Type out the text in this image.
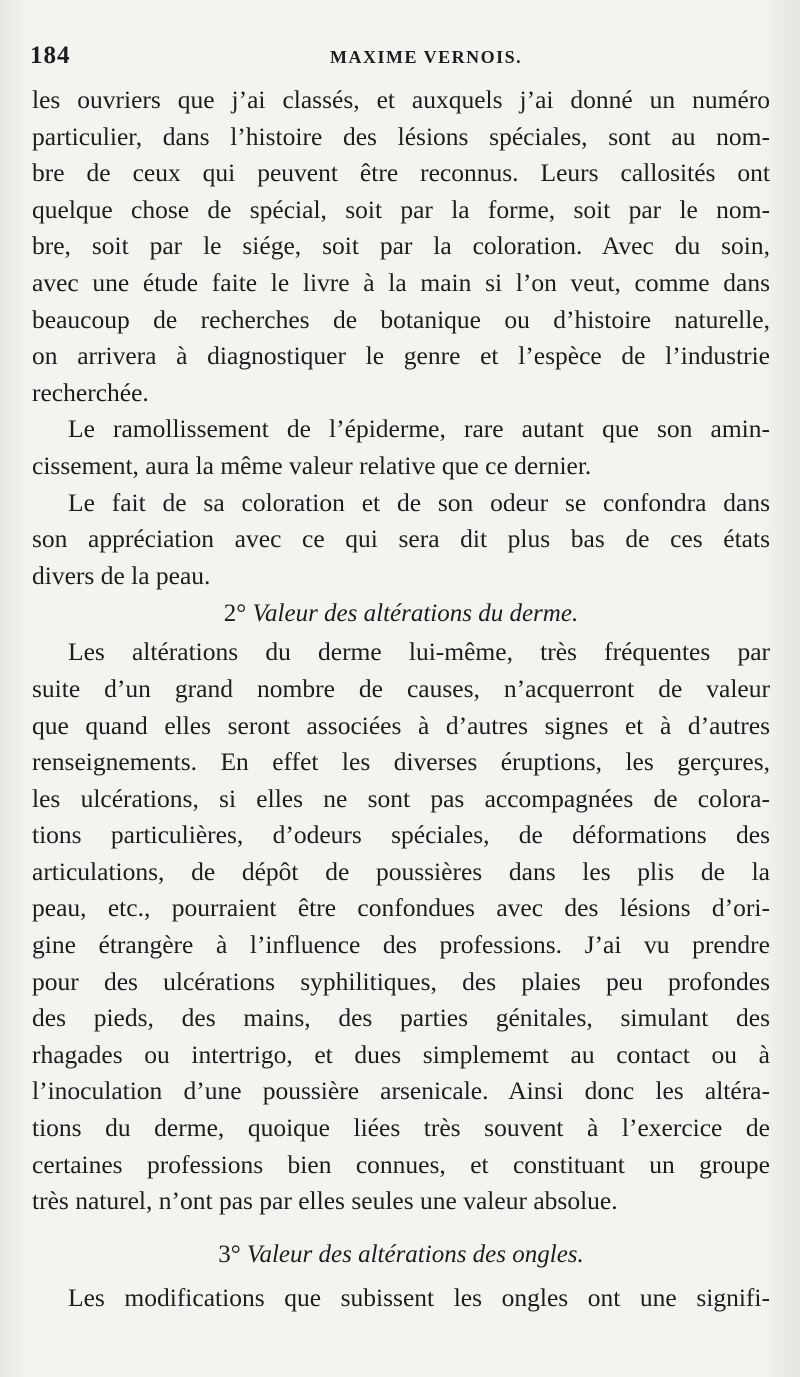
184	MAXIME VERNOIS.
les ouvriers que j’ai classés, et auxquels j’ai donné un numéro
particulier, dans l’histoire des lésions spéciales, sont au nom-
bre de ceux qui peuvent être reconnus. Leurs callosités ont
quelque chose de spécial, soit par la forme, soit par le nom-
bre, soit par le siége, soit par la coloration. Avec du soin,
avec une étude faite le livre à la main si l’on veut, comme dans
beaucoup de recherches de botanique ou d’histoire naturelle,
on arrivera à diagnostiquer le genre et l’espèce de l’industrie
recherchée.
Le ramollissement de l’épiderme, rare autant que son amin-
cissement, aura la même valeur relative que ce dernier.
Le fait de sa coloration et de son odeur se confondra dans
son appréciation avec ce qui sera dit plus bas de ces états
divers de la peau.
2° Valeur des altérations du derme.
Les altérations du derme lui-même, très fréquentes par
suite d’un grand nombre de causes, n’acquerront de valeur
que quand elles seront associées à d’autres signes et à d’autres
renseignements. En effet les diverses éruptions, les gerçures,
les ulcérations, si elles ne sont pas accompagnées de colora-
tions particulières, d’odeurs spéciales, de déformations des
articulations, de dépôt de poussières dans les plis de la
peau, etc., pourraient être confondues avec des lésions d’ori-
gine étrangère à l’influence des professions. J’ai vu prendre
pour des ulcérations syphilitiques, des plaies peu profondes
des pieds, des mains, des parties génitales, simulant des
rhagades ou intertrigo, et dues simplememt au contact ou à
l’inoculation d’une poussière arsenicale. Ainsi donc les altéra-
tions du derme, quoique liées très souvent à l’exercice de
certaines professions bien connues, et constituant un groupe
très naturel, n’ont pas par elles seules une valeur absolue.
3° Valeur des altérations des ongles.
Les modifications que subissent les ongles ont une signifi-
